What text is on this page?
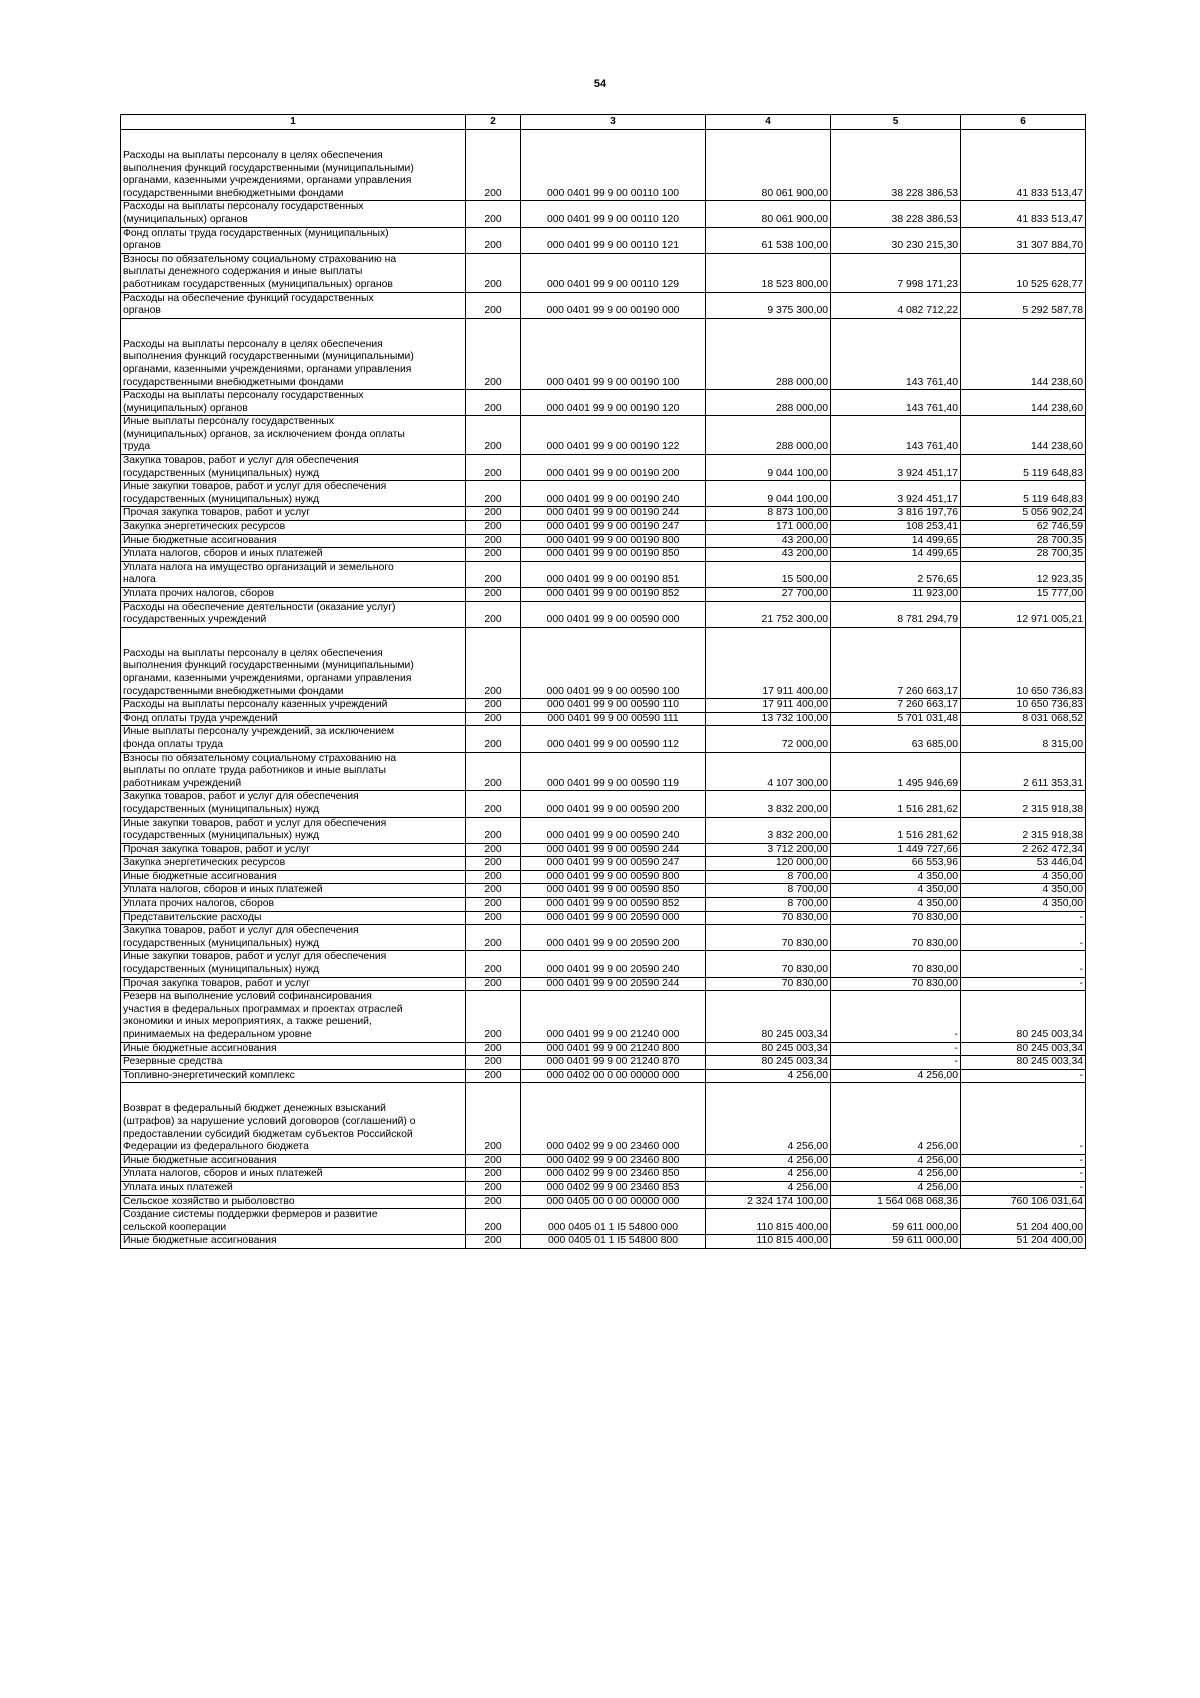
54
1	2	3	4	5	6

Расходы на выплаты персоналу в целях обеспечения
выполнения функций государственными (муниципальными)
органами, казенными учреждениями, органами управления
государственными внебюджетными фондами	200	000 0401 99 9 00 00110 100	80 061 900,00	38 228 386,53	41 833 513,47

Расходы на выплаты персоналу государственных
(муниципальных) органов	200	000 0401 99 9 00 00110 120	80 061 900,00	38 228 386,53	41 833 513,47

Фонд оплаты труда государственных (муниципальных)
органов	200	000 0401 99 9 00 00110 121	61 538 100,00	30 230 215,30	31 307 884,70

Взносы по обязательному социальному страхованию на
выплаты денежного содержания и иные выплаты
работникам государственных (муниципальных) органов	200	000 0401 99 9 00 00110 129	18 523 800,00	7 998 171,23	10 525 628,77

Расходы на обеспечение функций государственных
органов	200	000 0401 99 9 00 00190 000	9 375 300,00	4 082 712,22	5 292 587,78

Расходы на выплаты персоналу в целях обеспечения
выполнения функций государственными (муниципальными)
органами, казенными учреждениями, органами управления
государственными внебюджетными фондами	200	000 0401 99 9 00 00190 100	288 000,00	143 761,40	144 238,60

Расходы на выплаты персоналу государственных
(муниципальных) органов	200	000 0401 99 9 00 00190 120	288 000,00	143 761,40	144 238,60

Иные выплаты персоналу государственных
(муниципальных) органов, за исключением фонда оплаты
труда	200	000 0401 99 9 00 00190 122	288 000,00	143 761,40	144 238,60

Закупка товаров, работ и услуг для обеспечения
государственных (муниципальных) нужд	200	000 0401 99 9 00 00190 200	9 044 100,00	3 924 451,17	5 119 648,83

Иные закупки товаров, работ и услуг для обеспечения
государственных (муниципальных) нужд	200	000 0401 99 9 00 00190 240	9 044 100,00	3 924 451,17	5 119 648,83

Прочая закупка товаров, работ и услуг	200	000 0401 99 9 00 00190 244	8 873 100,00	3 816 197,76	5 056 902,24

Закупка энергетических ресурсов	200	000 0401 99 9 00 00190 247	171 000,00	108 253,41	62 746,59

Иные бюджетные ассигнования	200	000 0401 99 9 00 00190 800	43 200,00	14 499,65	28 700,35

Уплата налогов, сборов и иных платежей	200	000 0401 99 9 00 00190 850	43 200,00	14 499,65	28 700,35

Уплата налога на имущество организаций и земельного
налога	200	000 0401 99 9 00 00190 851	15 500,00	2 576,65	12 923,35

Уплата прочих налогов, сборов	200	000 0401 99 9 00 00190 852	27 700,00	11 923,00	15 777,00

Расходы на обеспечение деятельности (оказание услуг)
государственных учреждений	200	000 0401 99 9 00 00590 000	21 752 300,00	8 781 294,79	12 971 005,21

Расходы на выплаты персоналу в целях обеспечения
выполнения функций государственными (муниципальными)
органами, казенными учреждениями, органами управления
государственными внебюджетными фондами	200	000 0401 99 9 00 00590 100	17 911 400,00	7 260 663,17	10 650 736,83

Расходы на выплаты персоналу казенных учреждений	200	000 0401 99 9 00 00590 110	17 911 400,00	7 260 663,17	10 650 736,83

Фонд оплаты труда учреждений	200	000 0401 99 9 00 00590 111	13 732 100,00	5 701 031,48	8 031 068,52

Иные выплаты персоналу учреждений, за исключением
фонда оплаты труда	200	000 0401 99 9 00 00590 112	72 000,00	63 685,00	8 315,00

Взносы по обязательному социальному страхованию на
выплаты по оплате труда работников и иные выплаты
работникам учреждений	200	000 0401 99 9 00 00590 119	4 107 300,00	1 495 946,69	2 611 353,31

Закупка товаров, работ и услуг для обеспечения
государственных (муниципальных) нужд	200	000 0401 99 9 00 00590 200	3 832 200,00	1 516 281,62	2 315 918,38

Иные закупки товаров, работ и услуг для обеспечения
государственных (муниципальных) нужд	200	000 0401 99 9 00 00590 240	3 832 200,00	1 516 281,62	2 315 918,38

Прочая закупка товаров, работ и услуг	200	000 0401 99 9 00 00590 244	3 712 200,00	1 449 727,66	2 262 472,34

Закупка энергетических ресурсов	200	000 0401 99 9 00 00590 247	120 000,00	66 553,96	53 446,04

Иные бюджетные ассигнования	200	000 0401 99 9 00 00590 800	8 700,00	4 350,00	4 350,00

Уплата налогов, сборов и иных платежей	200	000 0401 99 9 00 00590 850	8 700,00	4 350,00	4 350,00

Уплата прочих налогов, сборов	200	000 0401 99 9 00 00590 852	8 700,00	4 350,00	4 350,00

Представительские расходы	200	000 0401 99 9 00 20590 000	70 830,00	70 830,00	-

Закупка товаров, работ и услуг для обеспечения
государственных (муниципальных) нужд	200	000 0401 99 9 00 20590 200	70 830,00	70 830,00	-

Иные закупки товаров, работ и услуг для обеспечения
государственных (муниципальных) нужд	200	000 0401 99 9 00 20590 240	70 830,00	70 830,00	-

Прочая закупка товаров, работ и услуг	200	000 0401 99 9 00 20590 244	70 830,00	70 830,00	-

Резерв на выполнение условий софинансирования
участия в федеральных программах и проектах отраслей
экономики и иных мероприятиях, а также решений,
принимаемых на федеральном уровне	200	000 0401 99 9 00 21240 000	80 245 003,34	-	80 245 003,34

Иные бюджетные ассигнования	200	000 0401 99 9 00 21240 800	80 245 003,34	-	80 245 003,34

Резервные средства	200	000 0401 99 9 00 21240 870	80 245 003,34	-	80 245 003,34

Топливно-энергетический комплекс	200	000 0402 00 0 00 00000 000	4 256,00	4 256,00	-

Возврат в федеральный бюджет денежных взысканий
(штрафов) за нарушение условий договоров (соглашений) о
предоставлении субсидий бюджетам субъектов Российской
Федерации из федерального бюджета	200	000 0402 99 9 00 23460 000	4 256,00	4 256,00	-

Иные бюджетные ассигнования	200	000 0402 99 9 00 23460 800	4 256,00	4 256,00	-

Уплата налогов, сборов и иных платежей	200	000 0402 99 9 00 23460 850	4 256,00	4 256,00	-

Уплата иных платежей	200	000 0402 99 9 00 23460 853	4 256,00	4 256,00	-

Сельское хозяйство и рыболовство	200	000 0405 00 0 00 00000 000	2 324 174 100,00	1 564 068 068,36	760 106 031,64

Создание системы поддержки фермеров и развитие
сельской кооперации	200	000 0405 01 1 I5 54800 000	110 815 400,00	59 611 000,00	51 204 400,00

Иные бюджетные ассигнования	200	000 0405 01 1 I5 54800 800	110 815 400,00	59 611 000,00	51 204 400,00
